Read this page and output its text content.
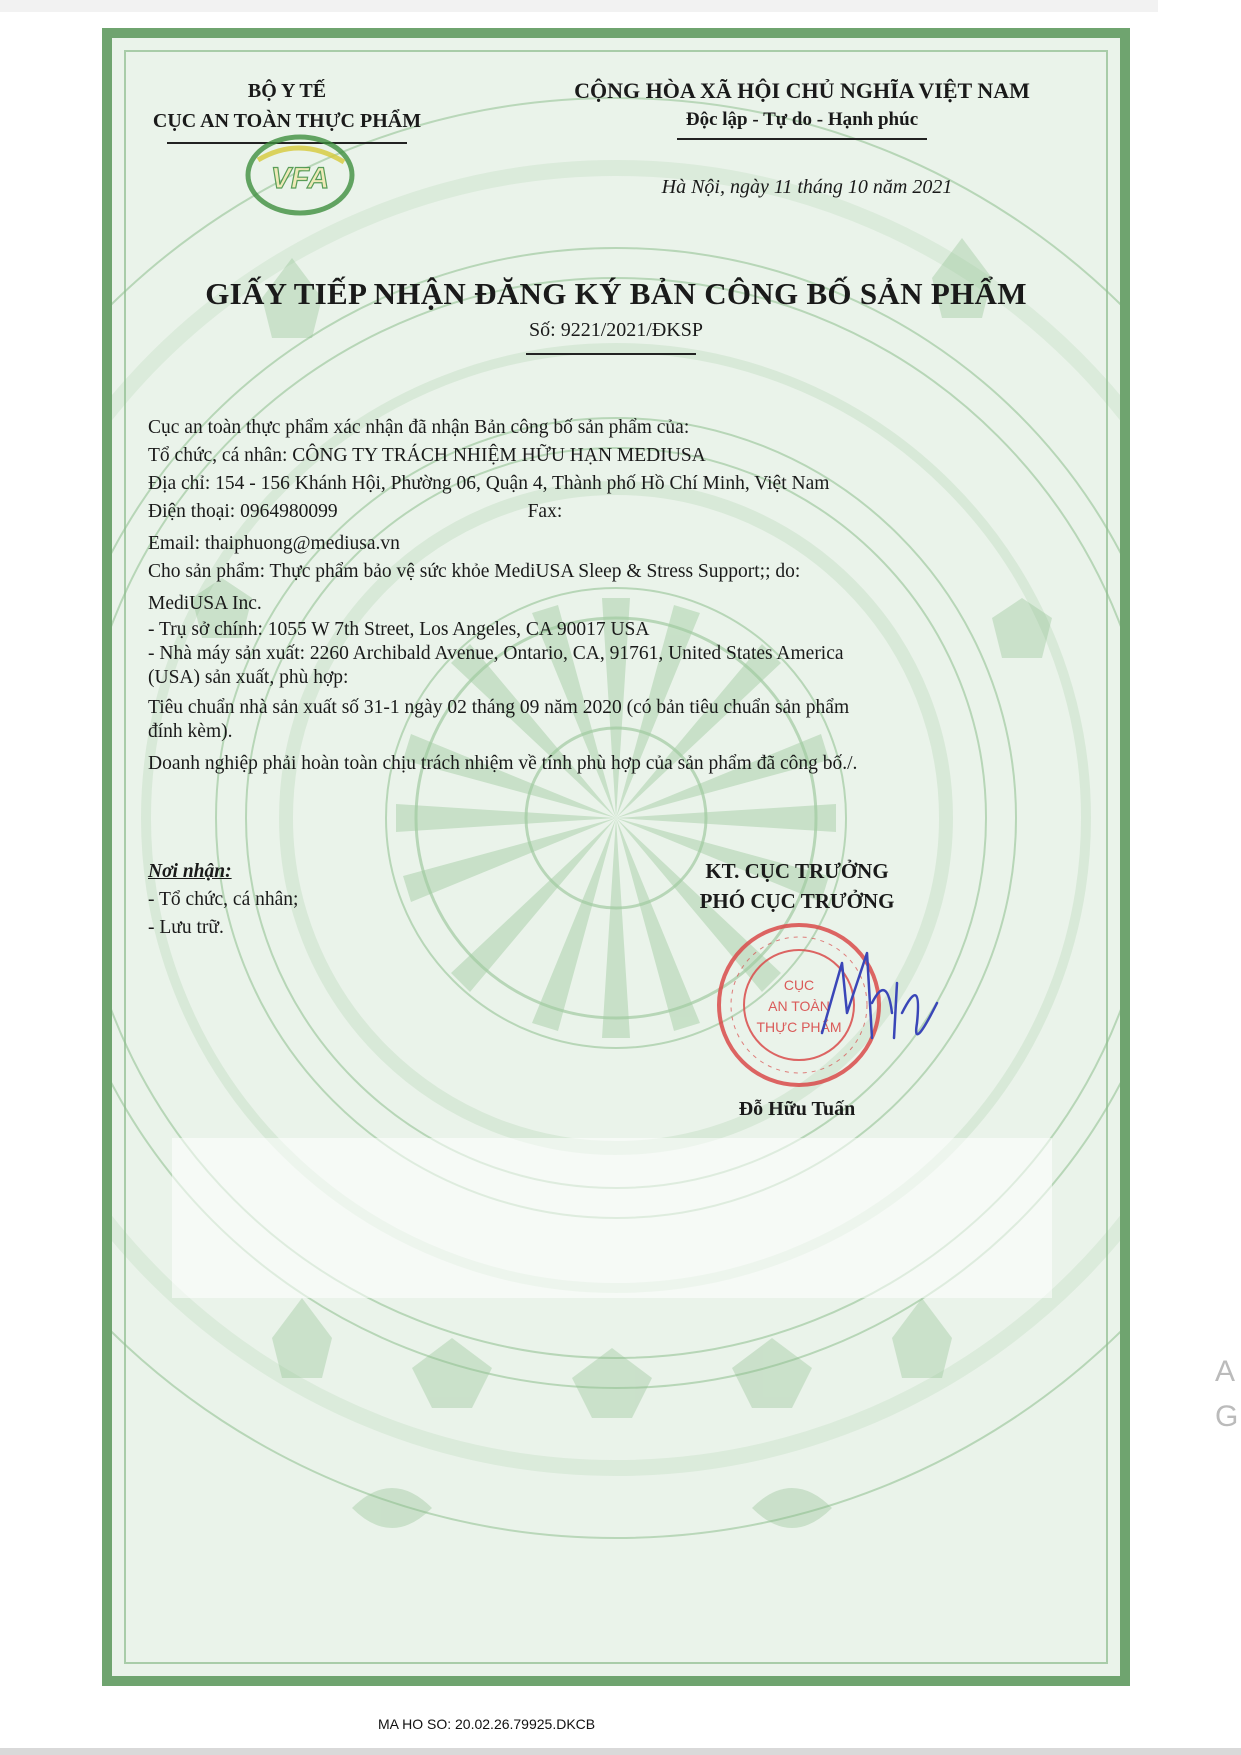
BỘ Y TẾ
CỤC AN TOÀN THỰC PHẨM
VFA
CỘNG HÒA XÃ HỘI CHỦ NGHĨA VIỆT NAM
Độc lập - Tự do - Hạnh phúc
Hà Nội, ngày 11 tháng 10 năm 2021
GIẤY TIẾP NHẬN ĐĂNG KÝ BẢN CÔNG BỐ SẢN PHẨM
Số: 9221/2021/ĐKSP

Cục an toàn thực phẩm xác nhận đã nhận Bản công bố sản phẩm của:

Tổ chức, cá nhân: CÔNG TY TRÁCH NHIỆM HỮU HẠN MEDIUSA

Địa chỉ: 154 - 156 Khánh Hội, Phường 06, Quận 4, Thành phố Hồ Chí Minh, Việt Nam

Điện thoại: 0964980099	Fax:

Email: thaiphuong@mediusa.vn

Cho sản phẩm: Thực phẩm bảo vệ sức khỏe MediUSA Sleep & Stress Support;; do:

MediUSA Inc.

- Trụ sở chính: 1055 W 7th Street, Los Angeles, CA 90017 USA

- Nhà máy sản xuất: 2260 Archibald Avenue, Ontario, CA, 91761, United States America

(USA) sản xuất, phù hợp:

Tiêu chuẩn nhà sản xuất số 31-1 ngày 02 tháng 09 năm 2020 (có bản tiêu chuẩn sản phẩm

đính kèm).

Doanh nghiệp phải hoàn toàn chịu trách nhiệm về tính phù hợp của sản phẩm đã công bố./.

Nơi nhận:
- Tổ chức, cá nhân;
- Lưu trữ.
KT. CỤC TRƯỞNG
PHÓ CỤC TRƯỞNG
CỤC
AN TOÀN
THỰC PHẨM
Đỗ Hữu Tuấn
MA HO SO: 20.02.26.79925.DKCB
A
G
